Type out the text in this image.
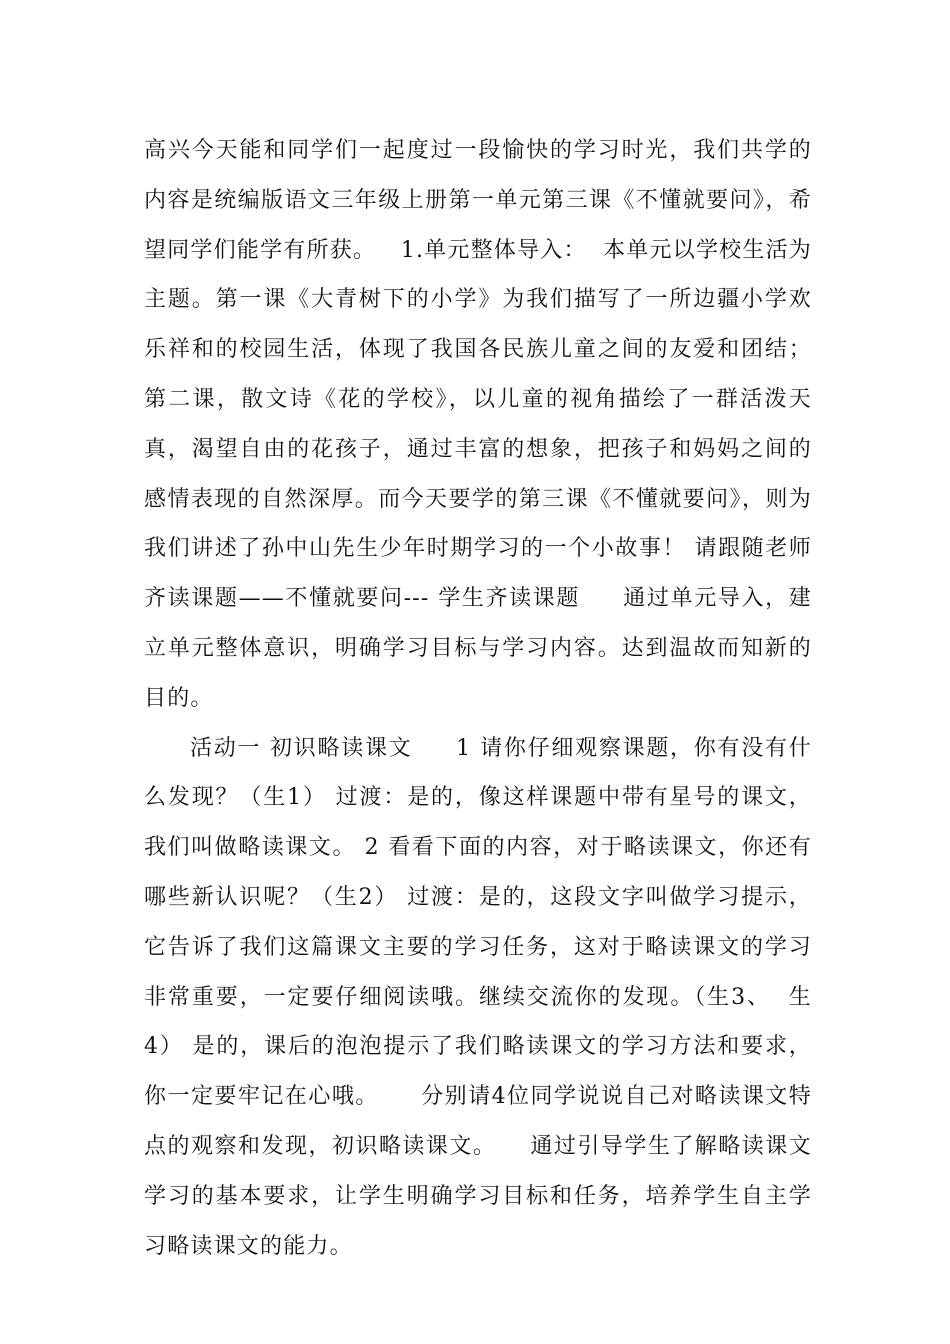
高兴今天能和同学们一起度过一段愉快的学习时光，我们共学的内容是统编版语文三年级上册第一单元第三课《不懂就要问》，希望同学们能学有所获。   1.单元整体导入：  本单元以学校生活为主题。第一课《大青树下的小学》为我们描写了一所边疆小学欢乐祥和的校园生活，体现了我国各民族儿童之间的友爱和团结；第二课，散文诗《花的学校》，以儿童的视角描绘了一群活泼天真，渴望自由的花孩子，通过丰富的想象，把孩子和妈妈之间的感情表现的自然深厚。而今天要学的第三课《不懂就要问》，则为我们讲述了孙中山先生少年时期学习的一个小故事！ 请跟随老师齐读课题——不懂就要问--- 学生齐读课题     通过单元导入，建立单元整体意识，明确学习目标与学习内容。达到温故而知新的目的。

活动一 初识略读课文     1 请你仔细观察课题，你有没有什么发现？（生1） 过渡：是的，像这样课题中带有星号的课文，我们叫做略读课文。 2 看看下面的内容，对于略读课文，你还有哪些新认识呢？（生2） 过渡：是的，这段文字叫做学习提示，它告诉了我们这篇课文主要的学习任务，这对于略读课文的学习非常重要，一定要仔细阅读哦。继续交流你的发现。（生3、  生4） 是的，课后的泡泡提示了我们略读课文的学习方法和要求，你一定要牢记在心哦。     分别请4位同学说说自己对略读课文特点的观察和发现，初识略读课文。    通过引导学生了解略读课文学习的基本要求，让学生明确学习目标和任务，培养学生自主学习略读课文的能力。
